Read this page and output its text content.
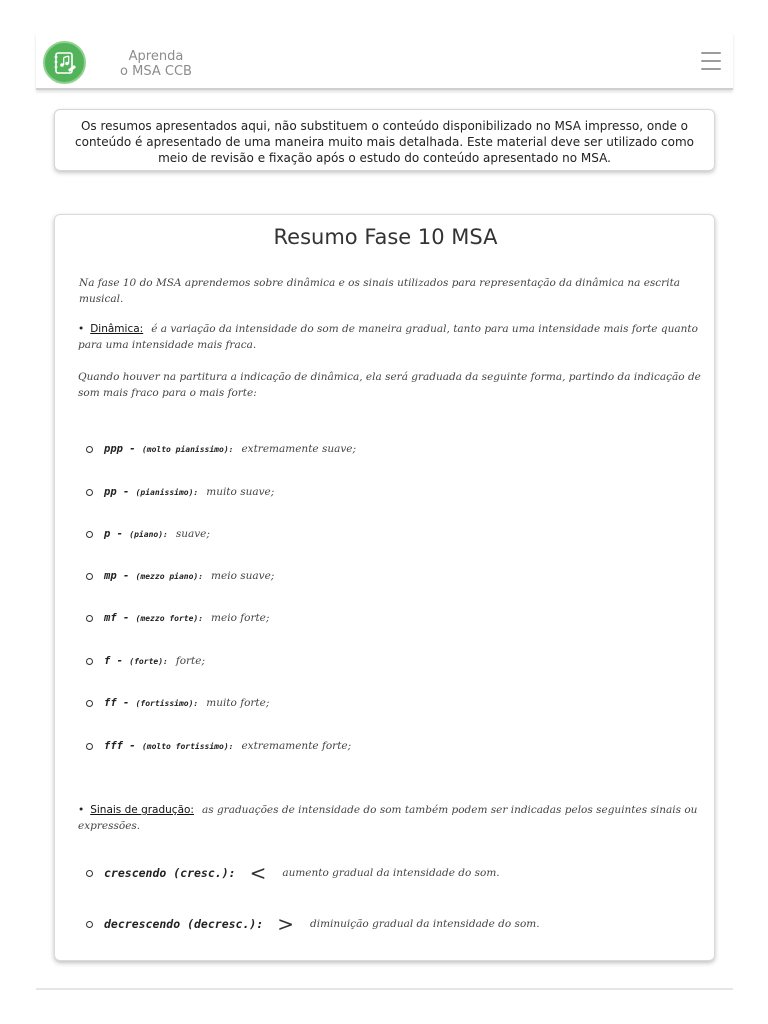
Aprenda
o MSA CCB
Os resumos apresentados aqui, não substituem o conteúdo disponibilizado no MSA impresso, onde o conteúdo é apresentado de uma maneira muito mais detalhada. Este material deve ser utilizado como meio de revisão e fixação após o estudo do conteúdo apresentado no MSA.
Resumo Fase 10 MSA
Na fase 10 do MSA aprendemos sobre dinâmica e os sinais utilizados para representação da dinâmica na escrita musical.
• Dinâmica: é a variação da intensidade do som de maneira gradual, tanto para uma intensidade mais forte quanto para uma intensidade mais fraca.
Quando houver na partitura a indicação de dinâmica, ela será graduada da seguinte forma, partindo da indicação de som mais fraco para o mais forte:
ppp - (molto pianissimo): extremamente suave;
pp - (pianissimo): muito suave;
p - (piano): suave;
mp - (mezzo piano): meio suave;
mf - (mezzo forte): meio forte;
f - (forte): forte;
ff - (fortissimo): muito forte;
fff - (molto fortissimo): extremamente forte;
• Sinais de gradução: as graduações de intensidade do som também podem ser indicadas pelos seguintes sinais ou expressões.
crescendo (cresc.): < aumento gradual da intensidade do som.
decrescendo (decresc.): > diminuição gradual da intensidade do som.
